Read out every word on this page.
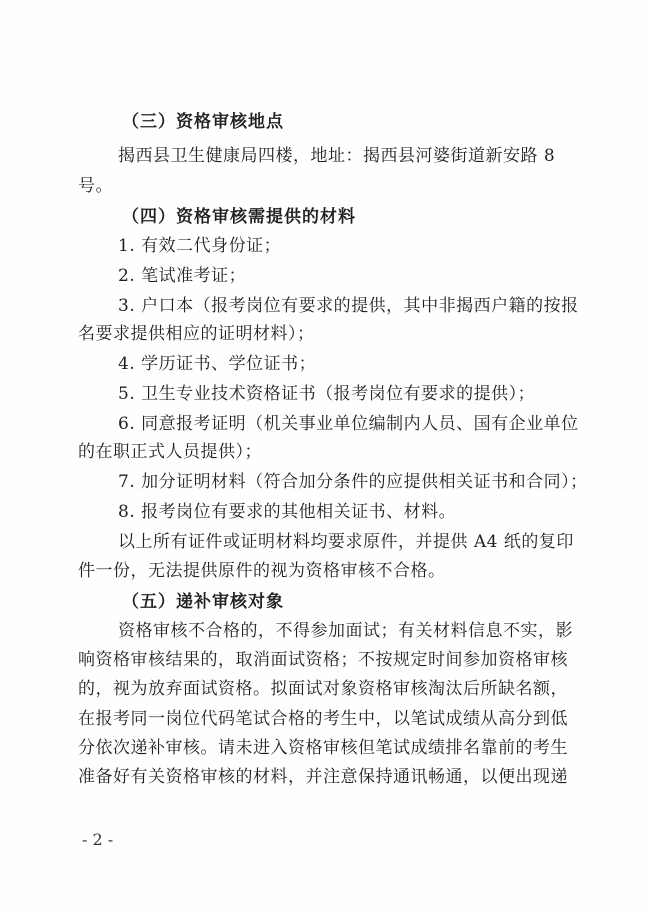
（三）资格审核地点
揭西县卫生健康局四楼，地址：揭西县河婆街道新安路 8
号。
（四）资格审核需提供的材料
1. 有效二代身份证；
2. 笔试准考证；
3. 户口本（报考岗位有要求的提供，其中非揭西户籍的按报
名要求提供相应的证明材料）；
4. 学历证书、学位证书；
5. 卫生专业技术资格证书（报考岗位有要求的提供）；
6. 同意报考证明（机关事业单位编制内人员、国有企业单位
的在职正式人员提供）；
7. 加分证明材料（符合加分条件的应提供相关证书和合同）；
8. 报考岗位有要求的其他相关证书、材料。
以上所有证件或证明材料均要求原件，并提供 A4 纸的复印
件一份，无法提供原件的视为资格审核不合格。
（五）递补审核对象
资格审核不合格的，不得参加面试；有关材料信息不实，影
响资格审核结果的，取消面试资格；不按规定时间参加资格审核
的，视为放弃面试资格。拟面试对象资格审核淘汰后所缺名额，
在报考同一岗位代码笔试合格的考生中，以笔试成绩从高分到低
分依次递补审核。请未进入资格审核但笔试成绩排名靠前的考生
准备好有关资格审核的材料，并注意保持通讯畅通，以便出现递
- 2 -
